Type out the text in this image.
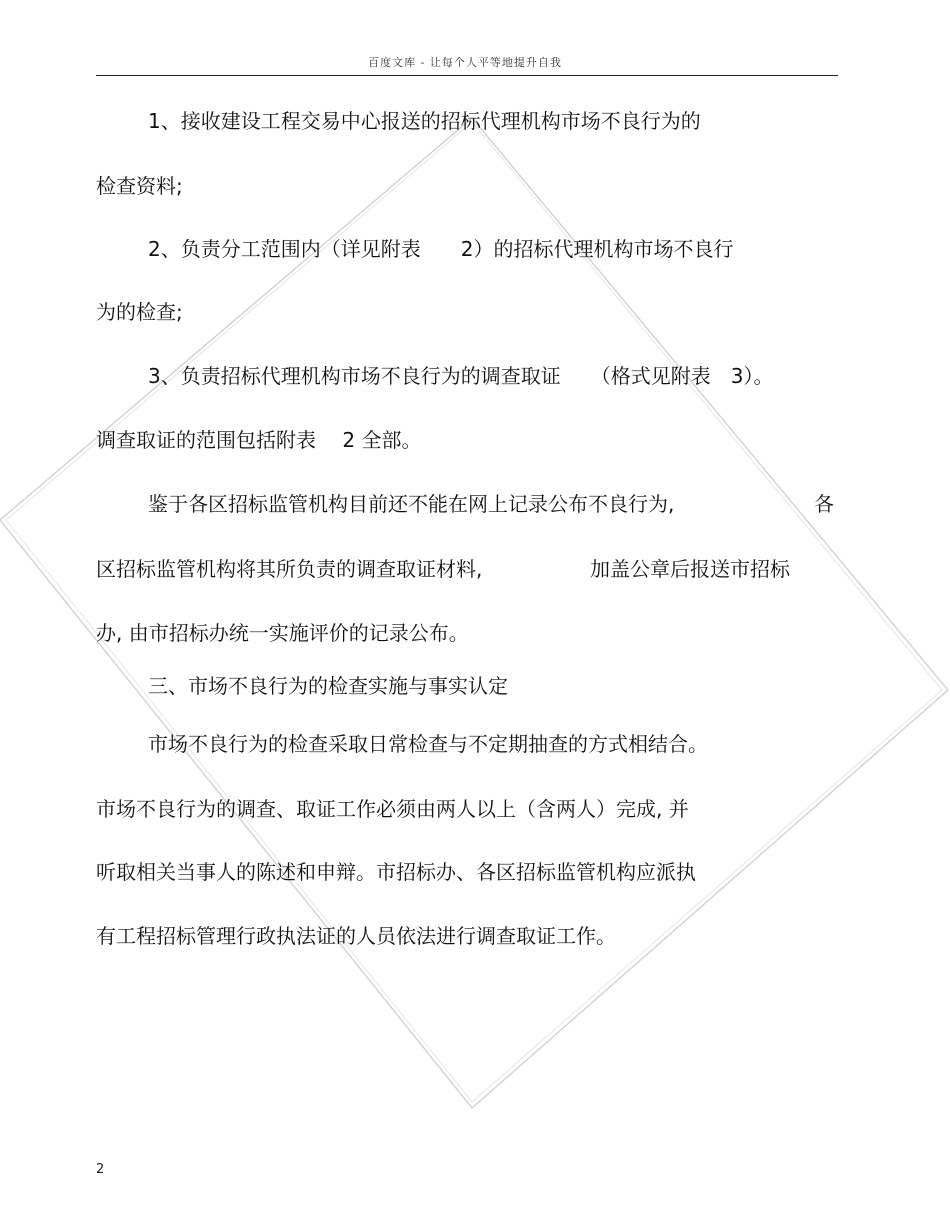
百度文库 - 让每个人平等地提升自我
1、接收建设工程交易中心报送的招标代理机构市场不良行为的
检查资料;
2、负责分工范围内（详见附表　　2）的招标代理机构市场不良行
为的检查;
3、负责招标代理机构市场不良行为的调查取证　　（格式见附表　3）。
调查取证的范围包括附表　 2 全部。
鉴于各区招标监管机构目前还不能在网上记录公布不良行为,	各
区招标监管机构将其所负责的调查取证材料,	加盖公章后报送市招标
办, 由市招标办统一实施评价的记录公布。
三、市场不良行为的检查实施与事实认定
市场不良行为的检查采取日常检查与不定期抽查的方式相结合。
市场不良行为的调查、取证工作必须由两人以上（含两人）完成, 并
听取相关当事人的陈述和申辩。市招标办、各区招标监管机构应派执
有工程招标管理行政执法证的人员依法进行调查取证工作。
2
